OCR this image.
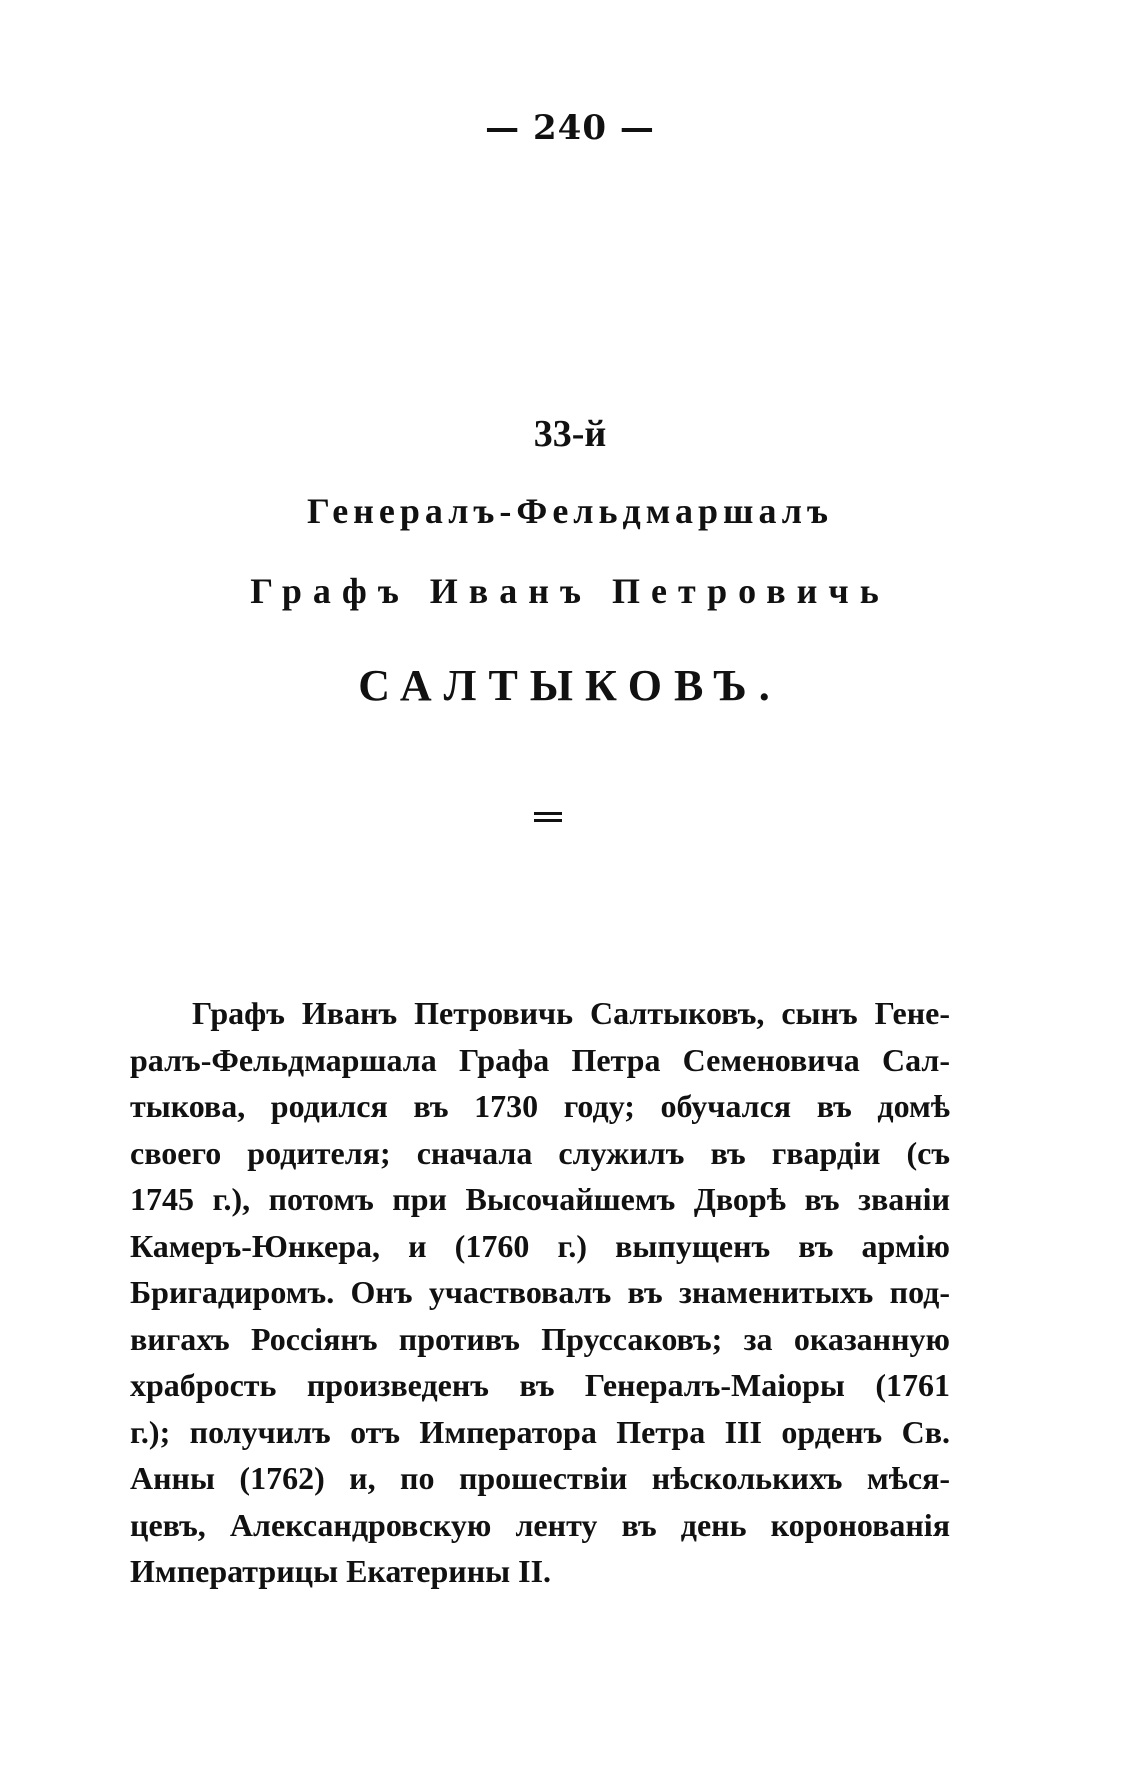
— 240 —
33-й
Генералъ-Фельдмаршалъ
Графъ Иванъ Петровичь
САЛТЫКОВЪ.
Графъ Иванъ Петровичь Салтыковъ, сынъ Гене-
ралъ-Фельдмаршала Графа Петра Семеновича Сал-
тыкова, родился въ 1730 году; обучался въ домѣ
своего родителя; сначала служилъ въ гвардіи (съ
1745 г.), потомъ при Высочайшемъ Дворѣ въ званіи
Камеръ-Юнкера, и (1760 г.) выпущенъ въ армію
Бригадиромъ. Онъ участвовалъ въ знаменитыхъ под-
вигахъ Россіянъ противъ Пруссаковъ; за оказанную
храбрость произведенъ въ Генералъ-Маіоры (1761
г.); получилъ отъ Императора Петра III орденъ Св.
Анны (1762) и, по прошествіи нѣсколькихъ мѣся-
цевъ, Александровскую ленту въ день коронованія
Императрицы Екатерины II.
